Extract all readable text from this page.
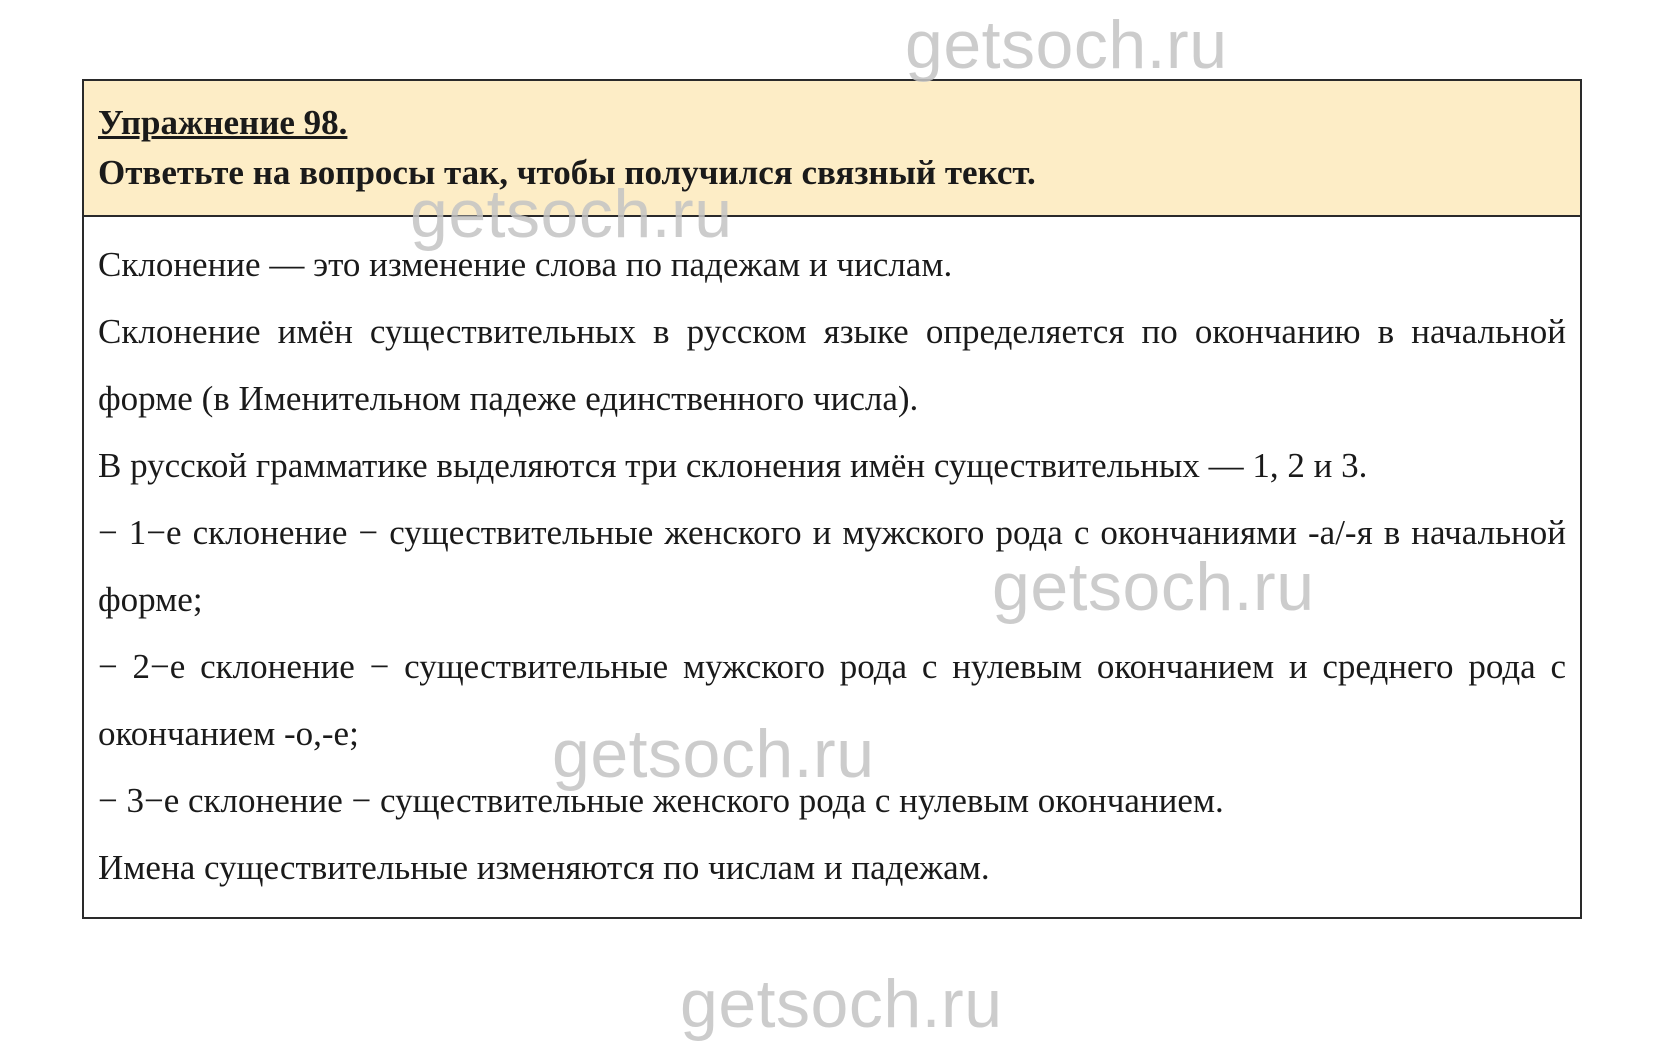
getsoch.ru

Упражнение 98.

Ответьте на вопросы так, чтобы получился связный текст.

Склонение — это изменение слова по падежам и числам.

Склонение имён существительных в русском языке определяется по окончанию в начальной форме (в Именительном падеже единственного числа).

В русской грамматике выделяются три склонения имён существительных — 1, 2 и 3.

− 1−е склонение − существительные женского и мужского рода с окончаниями -а/-я в начальной форме;

− 2−е склонение − существительные мужского рода с нулевым окончанием и среднего рода с окончанием -о,-е;

− 3−е склонение − существительные женского рода с нулевым окончанием.

Имена существительные изменяются по числам и падежам.

getsoch.ru
getsoch.ru
getsoch.ru
getsoch.ru
